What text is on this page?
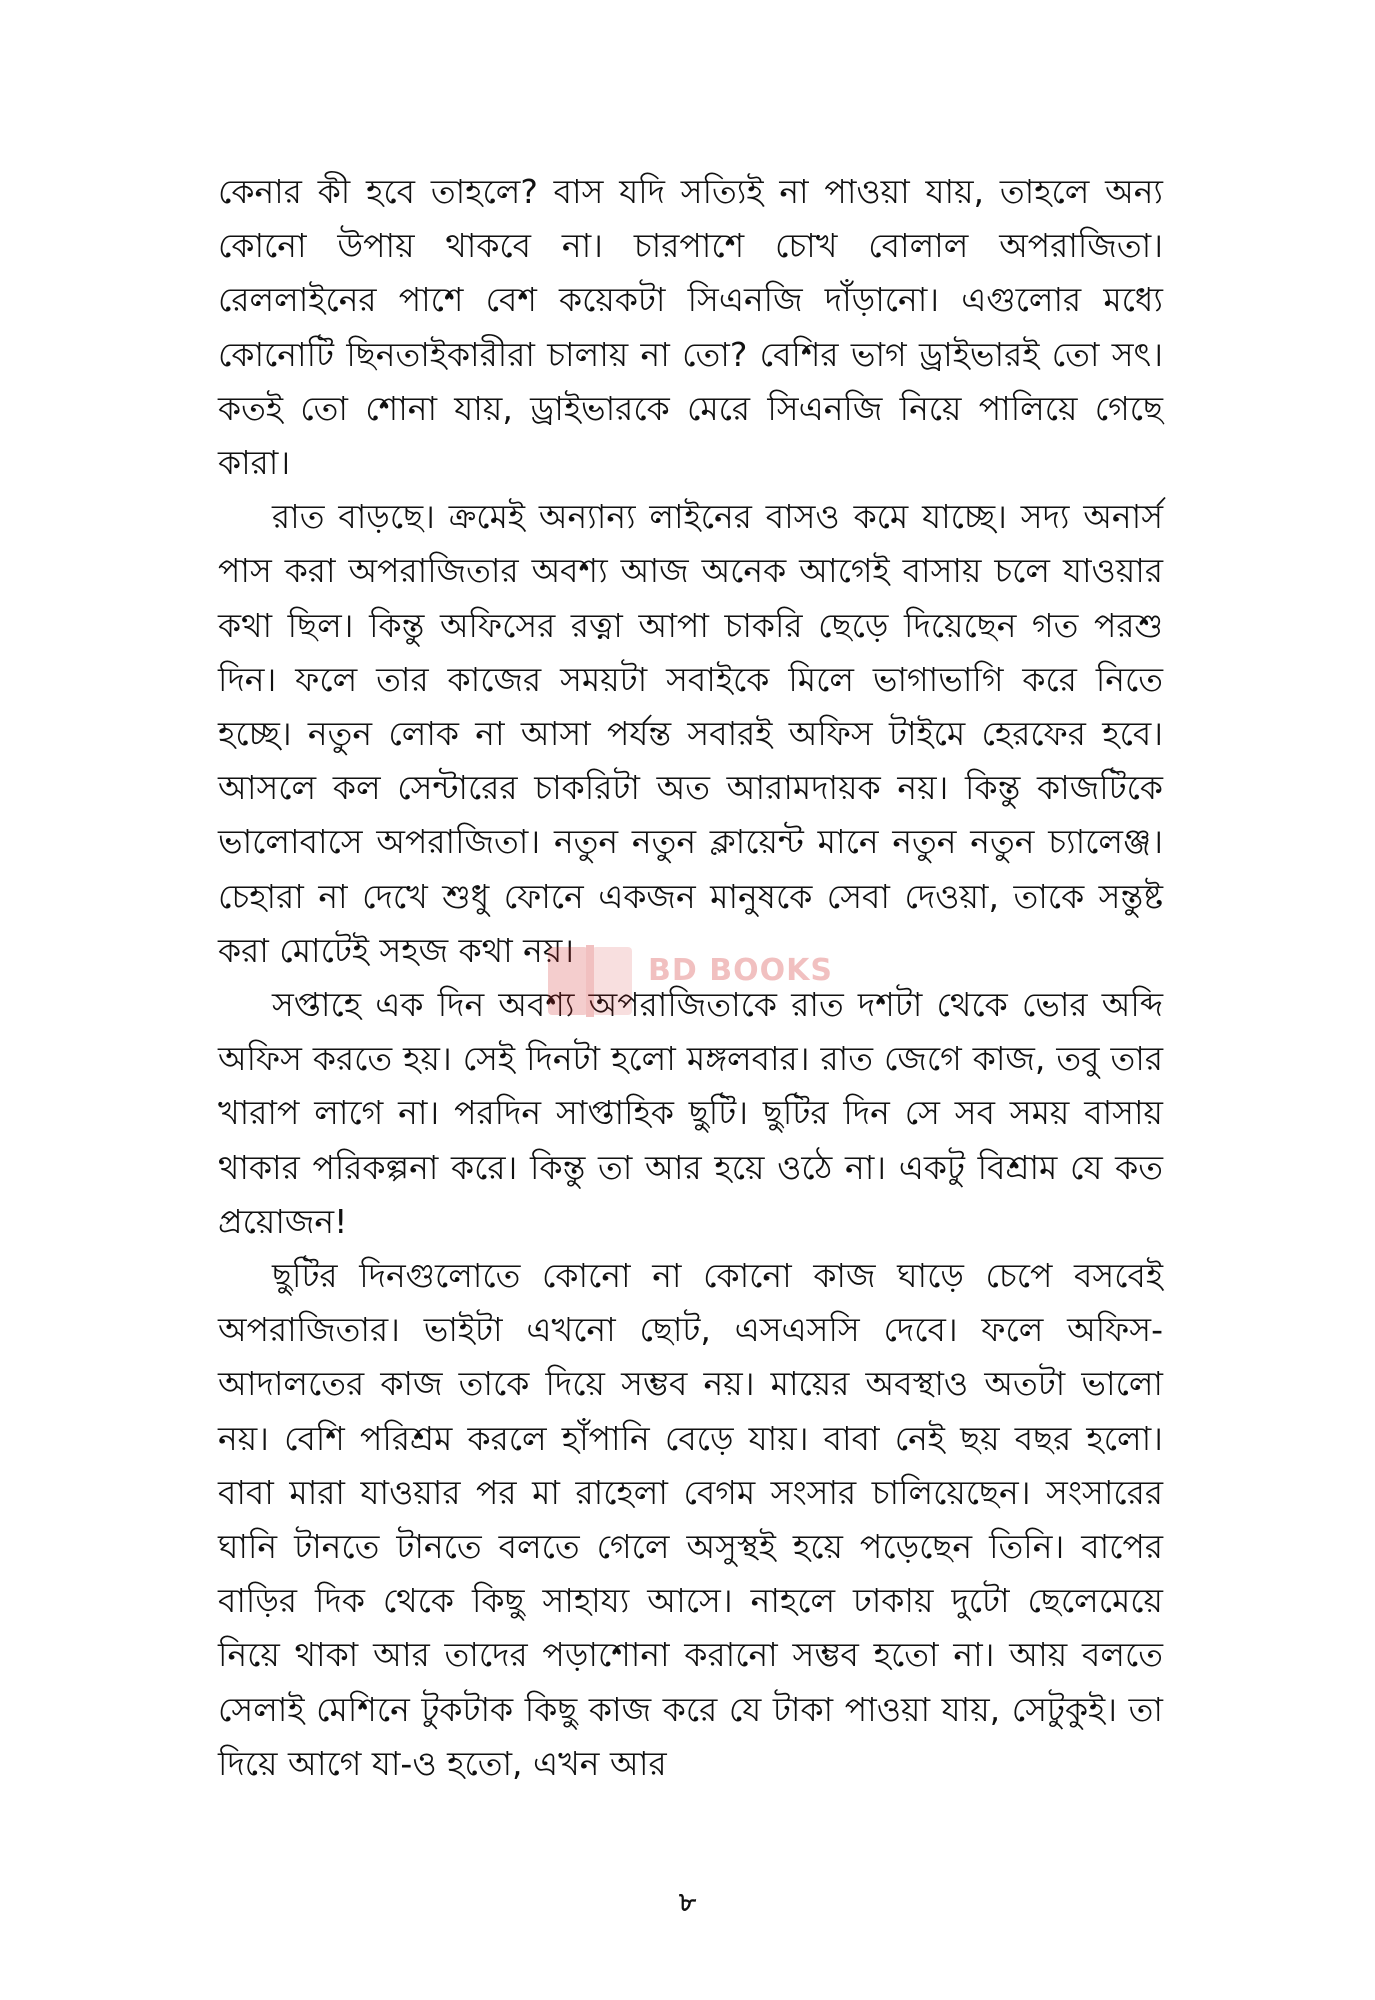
কেনার কী হবে তাহলে? বাস যদি সত্যিই না পাওয়া যায়, তাহলে অন্য কোনো উপায় থাকবে না। চারপাশে চোখ বোলাল অপরাজিতা। রেললাইনের পাশে বেশ কয়েকটা সিএনজি দাঁড়ানো। এগুলোর মধ্যে কোনোটি ছিনতাইকারীরা চালায় না তো? বেশির ভাগ ড্রাইভারই তো সৎ। কতই তো শোনা যায়, ড্রাইভারকে মেরে সিএনজি নিয়ে পালিয়ে গেছে কারা।

রাত বাড়ছে। ক্রমেই অন্যান্য লাইনের বাসও কমে যাচ্ছে। সদ্য অনার্স পাস করা অপরাজিতার অবশ্য আজ অনেক আগেই বাসায় চলে যাওয়ার কথা ছিল। কিন্তু অফিসের রত্না আপা চাকরি ছেড়ে দিয়েছেন গত পরশু দিন। ফলে তার কাজের সময়টা সবাইকে মিলে ভাগাভাগি করে নিতে হচ্ছে। নতুন লোক না আসা পর্যন্ত সবারই অফিস টাইমে হেরফের হবে। আসলে কল সেন্টারের চাকরিটা অত আরামদায়ক নয়। কিন্তু কাজটিকে ভালোবাসে অপরাজিতা। নতুন নতুন ক্লায়েন্ট মানে নতুন নতুন চ্যালেঞ্জ। চেহারা না দেখে শুধু ফোনে একজন মানুষকে সেবা দেওয়া, তাকে সন্তুষ্ট করা মোটেই সহজ কথা নয়।

সপ্তাহে এক দিন অবশ্য অপরাজিতাকে রাত দশটা থেকে ভোর অব্দি অফিস করতে হয়। সেই দিনটা হলো মঙ্গলবার। রাত জেগে কাজ, তবু তার খারাপ লাগে না। পরদিন সাপ্তাহিক ছুটি। ছুটির দিন সে সব সময় বাসায় থাকার পরিকল্পনা করে। কিন্তু তা আর হয়ে ওঠে না। একটু বিশ্রাম যে কত প্রয়োজন!

ছুটির দিনগুলোতে কোনো না কোনো কাজ ঘাড়ে চেপে বসবেই অপরাজিতার। ভাইটা এখনো ছোট, এসএসসি দেবে। ফলে অফিস-আদালতের কাজ তাকে দিয়ে সম্ভব নয়। মায়ের অবস্থাও অতটা ভালো নয়। বেশি পরিশ্রম করলে হাঁপানি বেড়ে যায়। বাবা নেই ছয় বছর হলো। বাবা মারা যাওয়ার পর মা রাহেলা বেগম সংসার চালিয়েছেন। সংসারের ঘানি টানতে টানতে বলতে গেলে অসুস্থই হয়ে পড়েছেন তিনি। বাপের বাড়ির দিক থেকে কিছু সাহায্য আসে। নাহলে ঢাকায় দুটো ছেলেমেয়ে নিয়ে থাকা আর তাদের পড়াশোনা করানো সম্ভব হতো না। আয় বলতে সেলাই মেশিনে টুকটাক কিছু কাজ করে যে টাকা পাওয়া যায়, সেটুকুই। তা দিয়ে আগে যা-ও হতো, এখন আর

BD BOOKS
৮
